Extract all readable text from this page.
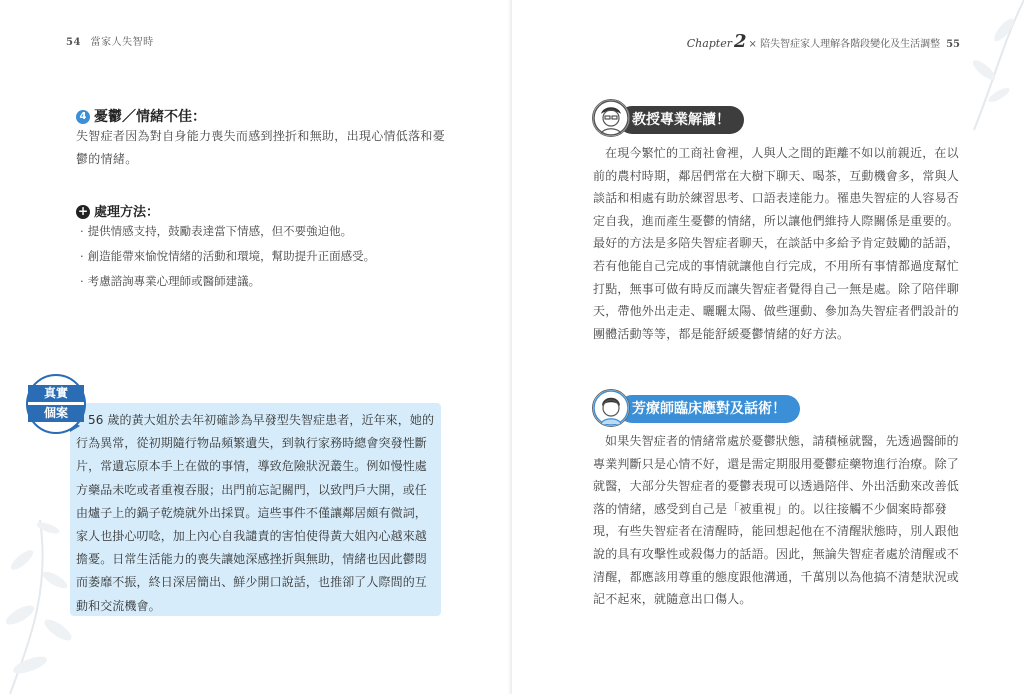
54 當家人失智時
4 憂鬱／情緒不佳：
失智症者因為對自身能力喪失而感到挫折和無助，出現心情低落和憂鬱的情緒。
+ 處理方法：
· 提供情感支持，鼓勵表達當下情感，但不要強迫他。
· 創造能帶來愉悅情緒的活動和環境，幫助提升正面感受。
· 考慮諮詢專業心理師或醫師建議。
真實
個案	56 歲的黃大姐於去年初確診為早發型失智症患者，近年來，她的行為異常，從初期隨行物品頻繁遺失，到執行家務時總會突發性斷片，常遺忘原本手上在做的事情，導致危險狀況叢生。例如慢性處方藥品未吃或者重複吞服；出門前忘記關門，以致門戶大開，或任由爐子上的鍋子乾燒就外出採買。這些事件不僅讓鄰居頗有微詞，家人也掛心叨唸，加上內心自我譴責的害怕使得黃大姐內心越來越擔憂。日常生活能力的喪失讓她深感挫折與無助，情緒也因此鬱悶而萎靡不振，終日深居簡出、鮮少開口說話，也推卻了人際間的互動和交流機會。
Chapter 2 × 陪失智症家人理解各階段變化及生活調整 55
教授專業解讀！
在現今繁忙的工商社會裡，人與人之間的距離不如以前親近，在以前的農村時期，鄰居們常在大樹下聊天、喝茶，互動機會多，常與人談話和相處有助於練習思考、口語表達能力。罹患失智症的人容易否定自我，進而產生憂鬱的情緒，所以讓他們維持人際關係是重要的。最好的方法是多陪失智症者聊天，在談話中多給予肯定鼓勵的話語，若有他能自己完成的事情就讓他自行完成，不用所有事情都過度幫忙打點，無事可做有時反而讓失智症者覺得自己一無是處。除了陪伴聊天，帶他外出走走、曬曬太陽、做些運動、參加為失智症者們設計的團體活動等等，都是能舒緩憂鬱情緒的好方法。
芳療師臨床應對及話術！
如果失智症者的情緒常處於憂鬱狀態，請積極就醫，先透過醫師的專業判斷只是心情不好，還是需定期服用憂鬱症藥物進行治療。除了就醫，大部分失智症者的憂鬱表現可以透過陪伴、外出活動來改善低落的情緒，感受到自己是「被重視」的。以往接觸不少個案時都發現，有些失智症者在清醒時，能回想起他在不清醒狀態時，別人跟他說的具有攻擊性或殺傷力的話語。因此，無論失智症者處於清醒或不清醒，都應該用尊重的態度跟他溝通，千萬別以為他搞不清楚狀況或記不起來，就隨意出口傷人。
